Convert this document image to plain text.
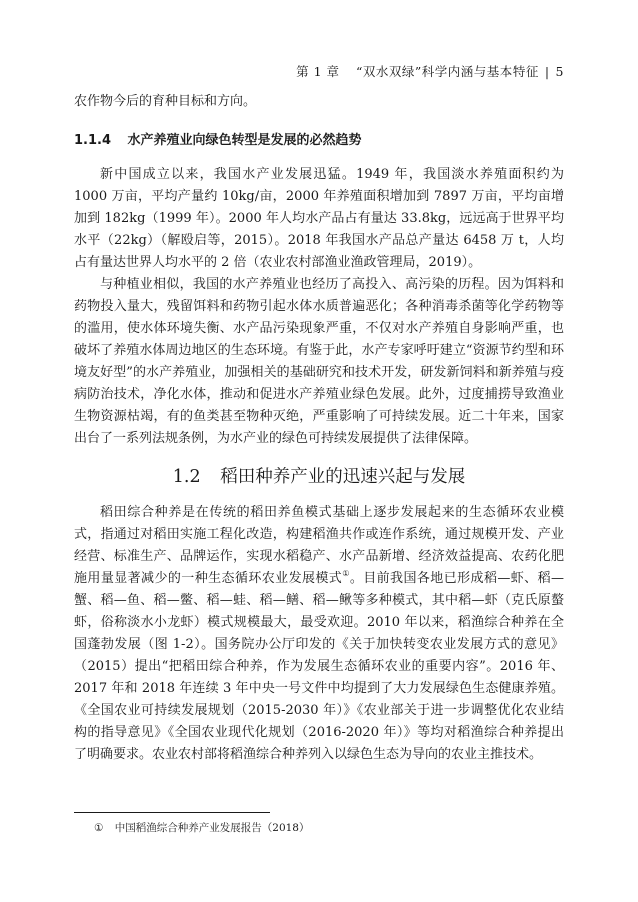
第 1 章 “双水双绿”科学内涵与基本特征 | 5

农作物今后的育种目标和方向。

1.1.4 水产养殖业向绿色转型是发展的必然趋势

新中国成立以来，我国水产业发展迅猛。1949 年，我国淡水养殖面积约为 1000 万亩，平均产量约 10kg/亩，2000 年养殖面积增加到 7897 万亩，平均亩增加到 182kg（1999 年）。2000 年人均水产品占有量达 33.8kg，远远高于世界平均水平（22kg）（解殴启等，2015）。2018 年我国水产品总产量达 6458 万 t，人均占有量达世界人均水平的 2 倍（农业农村部渔业渔政管理局，2019）。

与种植业相似，我国的水产养殖业也经历了高投入、高污染的历程。因为饵料和药物投入量大，残留饵料和药物引起水体水质普遍恶化；各种消毒杀菌等化学药物等的滥用，使水体环境失衡、水产品污染现象严重，不仅对水产养殖自身影响严重，也破坏了养殖水体周边地区的生态环境。有鉴于此，水产专家呼吁建立“资源节约型和环境友好型”的水产养殖业，加强相关的基础研究和技术开发，研发新饲料和新养殖与疫病防治技术，净化水体，推动和促进水产养殖业绿色发展。此外，过度捕捞导致渔业生物资源枯竭，有的鱼类甚至物种灭绝，严重影响了可持续发展。近二十年来，国家出台了一系列法规条例，为水产业的绿色可持续发展提供了法律保障。

1.2 稻田种养产业的迅速兴起与发展

稻田综合种养是在传统的稻田养鱼模式基础上逐步发展起来的生态循环农业模式，指通过对稻田实施工程化改造，构建稻渔共作或连作系统，通过规模开发、产业经营、标准生产、品牌运作，实现水稻稳产、水产品新增、经济效益提高、农药化肥施用量显著减少的一种生态循环农业发展模式①。目前我国各地已形成稻—虾、稻—蟹、稻—鱼、稻—鳖、稻—蛙、稻—鳝、稻—鳅等多种模式，其中稻—虾（克氏原螯虾，俗称淡水小龙虾）模式规模最大，最受欢迎。2010 年以来，稻渔综合种养在全国蓬勃发展（图 1-2）。国务院办公厅印发的《关于加快转变农业发展方式的意见》（2015）提出“把稻田综合种养，作为发展生态循环农业的重要内容”。2016 年、2017 年和 2018 年连续 3 年中央一号文件中均提到了大力发展绿色生态健康养殖。《全国农业可持续发展规划（2015-2030 年）》《农业部关于进一步调整优化农业结构的指导意见》《全国农业现代化规划（2016-2020 年）》等均对稻渔综合种养提出了明确要求。农业农村部将稻渔综合种养列入以绿色生态为导向的农业主推技术。

① 中国稻渔综合种养产业发展报告（2018）
